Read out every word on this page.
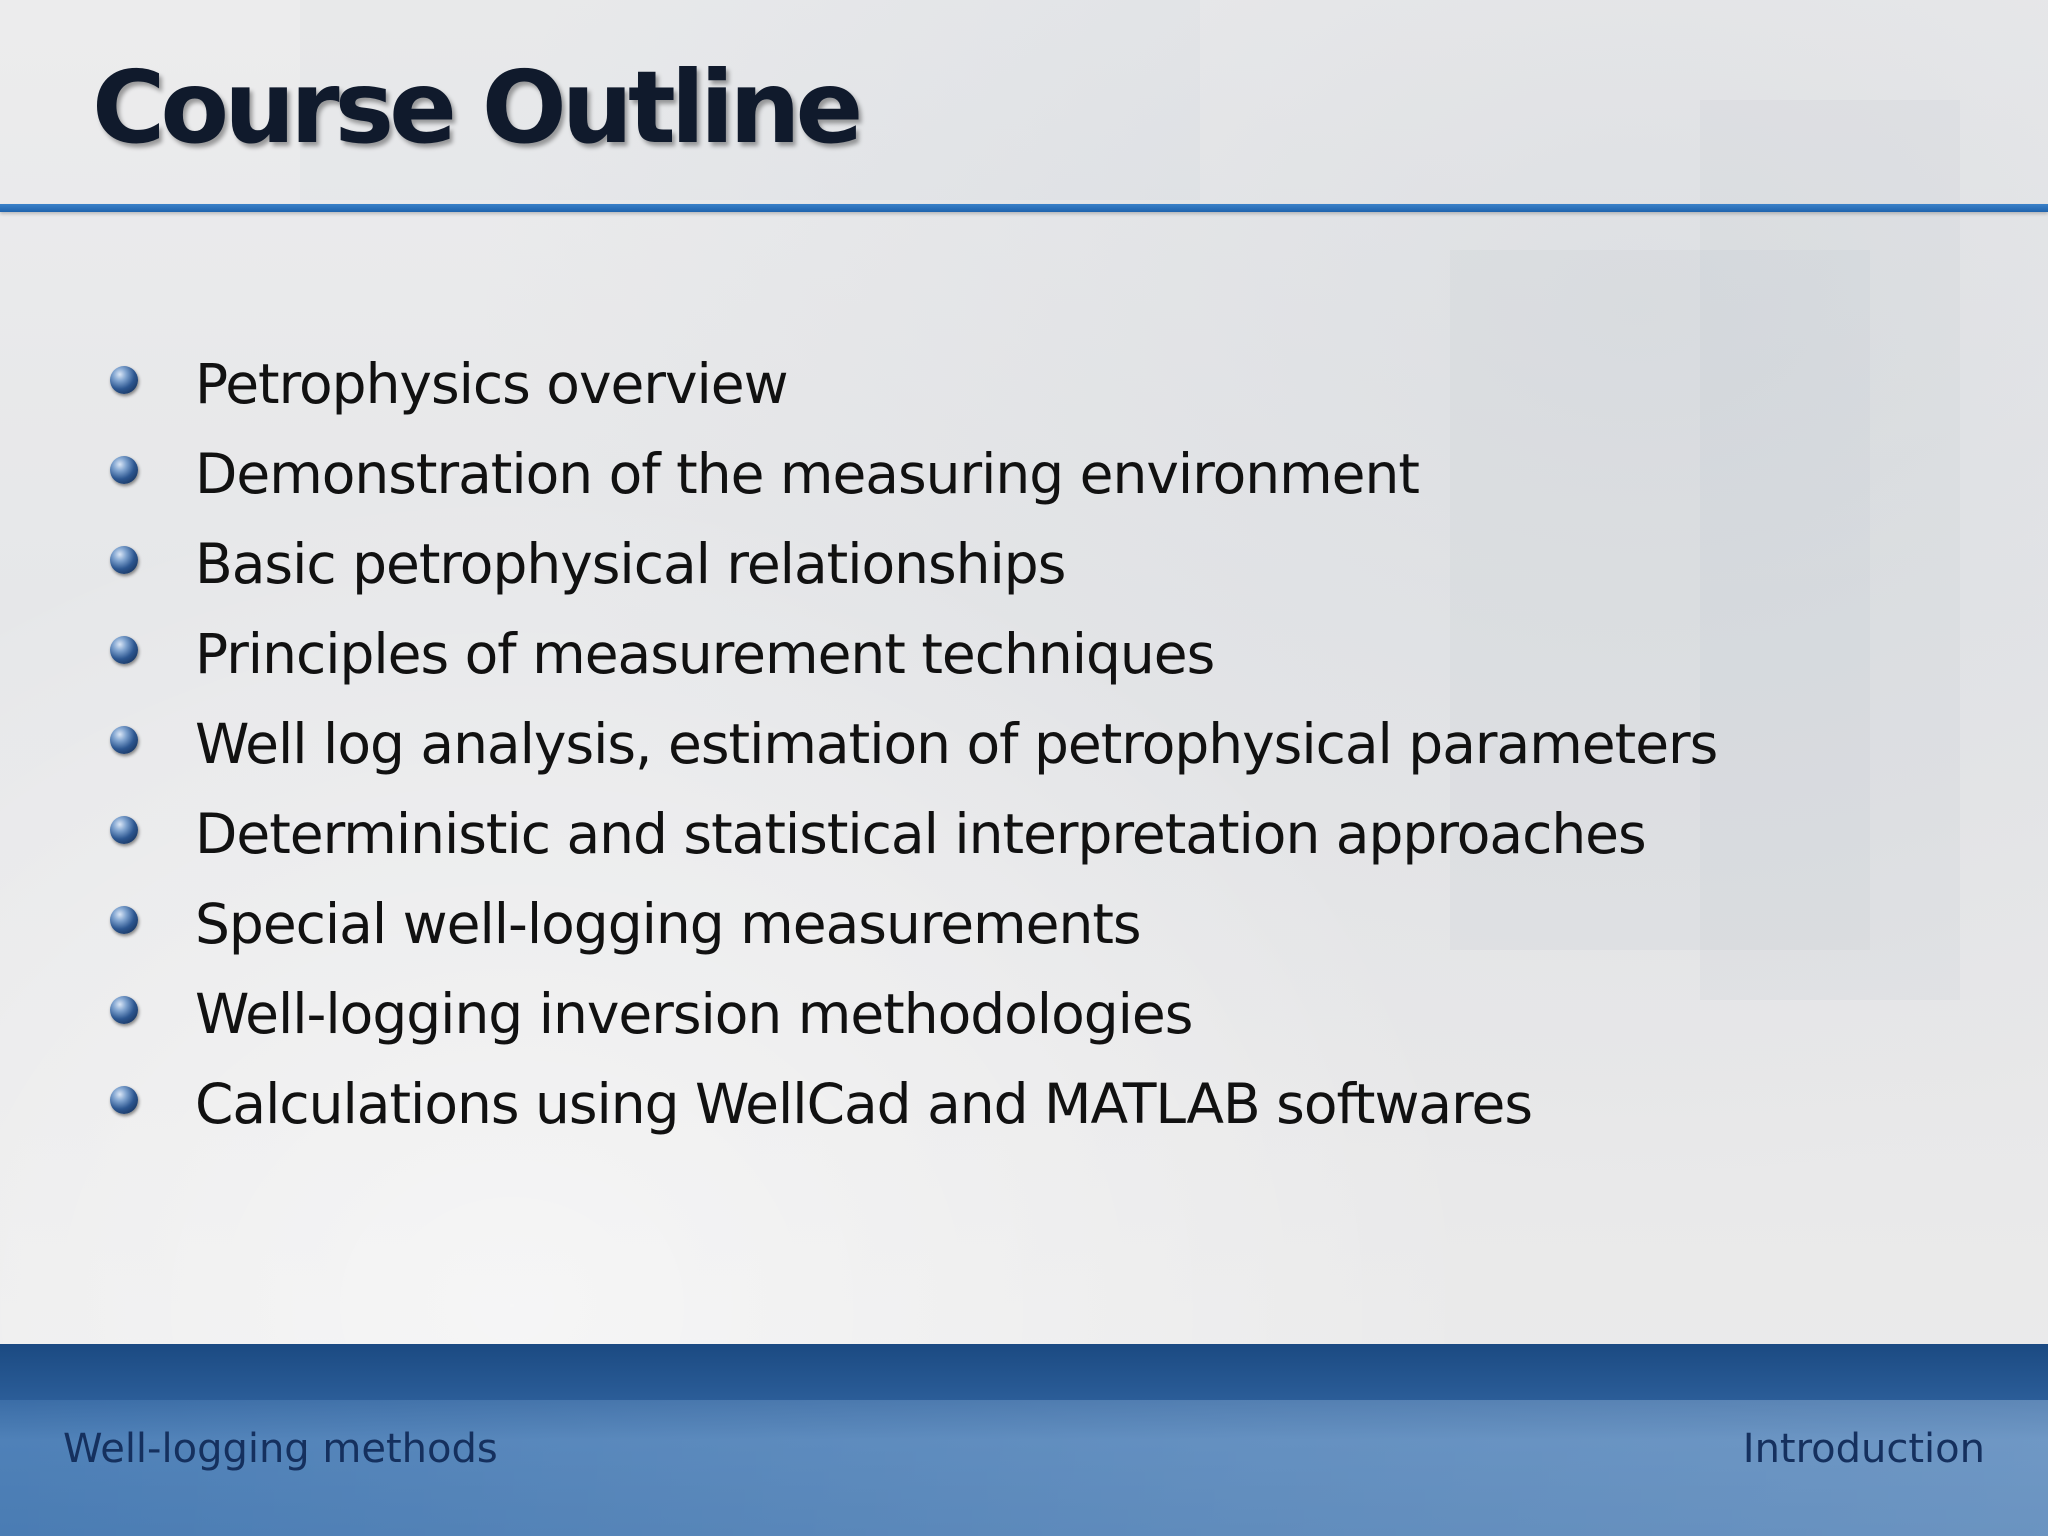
Course Outline
Petrophysics overview
Demonstration of the measuring environment
Basic petrophysical relationships
Principles of measurement techniques
Well log analysis, estimation of petrophysical parameters
Deterministic and statistical interpretation approaches
Special well-logging measurements
Well-logging inversion methodologies
Calculations using WellCad and MATLAB softwares
Well-logging methods	Introduction
